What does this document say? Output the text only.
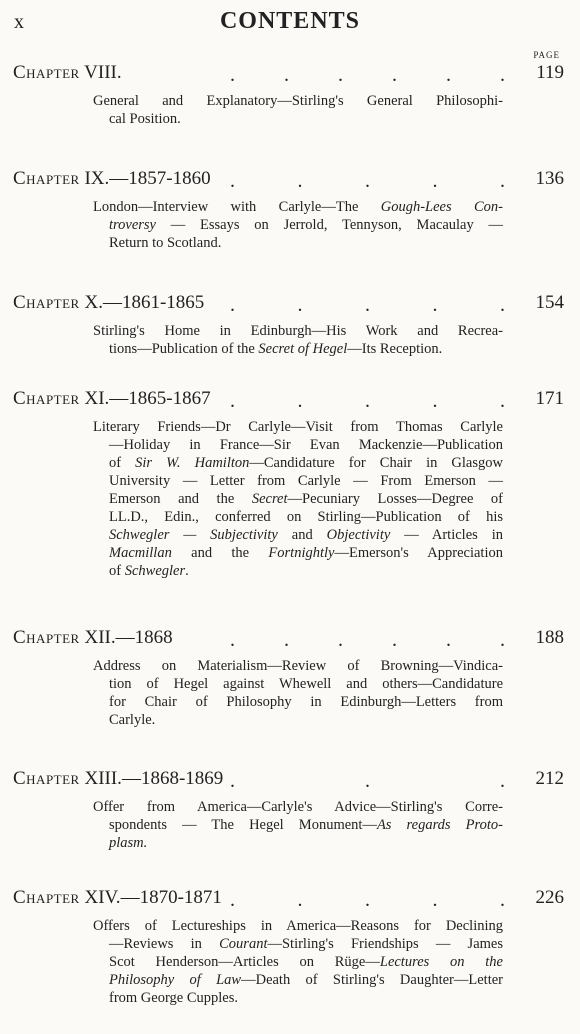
x	CONTENTS
PAGE
Chapter VIII.	. . . . . . 119
General and Explanatory—Stirling's General Philosophi-
cal Position.
Chapter IX.—1857-1860 .	.	.	.	. 136
London—Interview with Carlyle—The Gough-Lees Con-
troversy — Essays on Jerrold, Tennyson, Macaulay —
Return to Scotland.
Chapter X.—1861-1865 .	.	.	.	. 154
Stirling's Home in Edinburgh—His Work and Recrea-
tions—Publication of the Secret of Hegel—Its Reception.
Chapter XI.—1865-1867 .	.	.	.	. 171
Literary Friends—Dr Carlyle—Visit from Thomas Carlyle
—Holiday in France—Sir Evan Mackenzie—Publication
of Sir W. Hamilton—Candidature for Chair in Glasgow
University — Letter from Carlyle — From Emerson —
Emerson and the Secret—Pecuniary Losses—Degree of
LL.D., Edin., conferred on Stirling—Publication of his
Schwegler — Subjectivity and Objectivity — Articles in
Macmillan and the Fortnightly—Emerson's Appreciation
of Schwegler.
Chapter XII.—1868	. . . . . . 188
Address on Materialism—Review of Browning—Vindica-
tion of Hegel against Whewell and others—Candidature
for Chair of Philosophy in Edinburgh—Letters from
Carlyle.
Chapter XIII.—1868-1869 .	.	. 212
Offer from America—Carlyle's Advice—Stirling's Corre-
spondents — The Hegel Monument—As regards Proto-
plasm.
Chapter XIV.—1870-1871 .	.	.	.	. 226
Offers of Lectureships in America—Reasons for Declining
—Reviews in Courant—Stirling's Friendships — James
Scot Henderson—Articles on Rüge—Lectures on the
Philosophy of Law—Death of Stirling's Daughter—Letter
from George Cupples.
